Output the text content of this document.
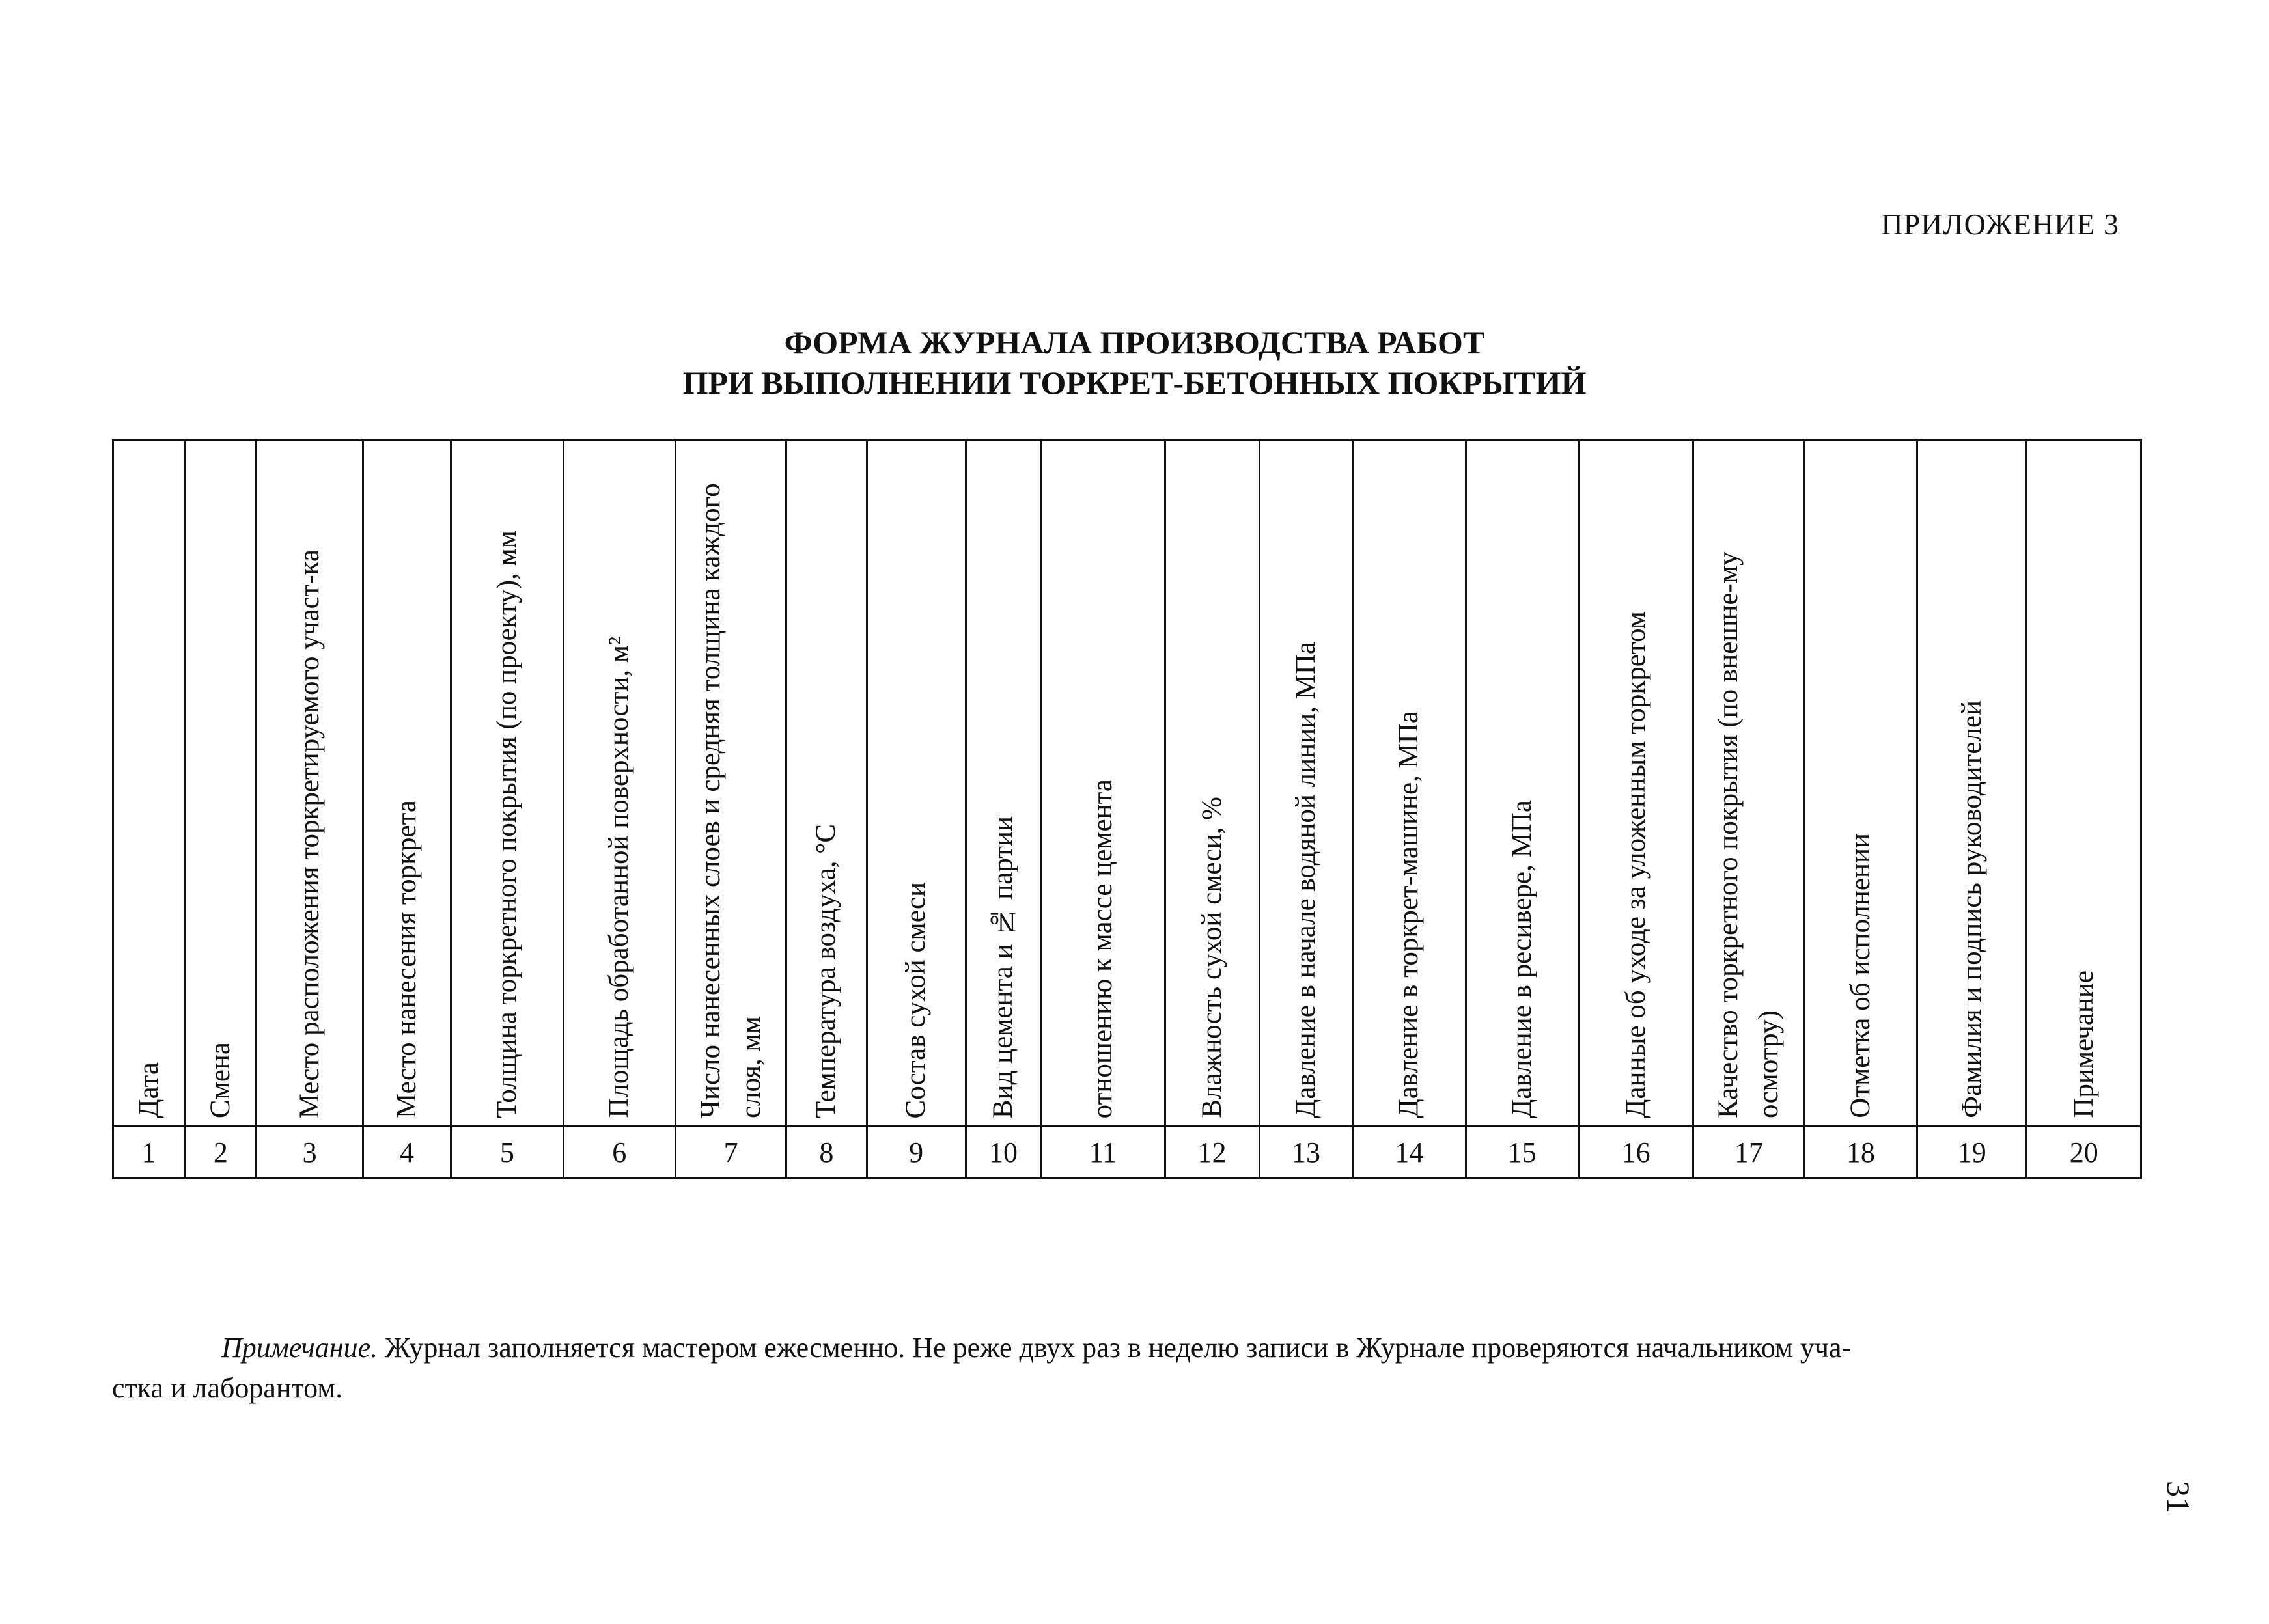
ПРИЛОЖЕНИЕ 3
ФОРМА ЖУРНАЛА ПРОИЗВОДСТВА РАБОТ
ПРИ ВЫПОЛНЕНИИ ТОРКРЕТ-БЕТОННЫХ ПОКРЫТИЙ
Дата	Смена	Место расположения торкретируемого участ-ка	Место нанесения торкрета	Толщина торкретного покрытия (по проекту), мм	Площадь обработанной поверхности, м²	Число нанесенных слоев и средняя толщина каждого слоя, мм	Температура воздуха, °С	Состав сухой смеси	Вид цемента и № партии	отношению к массе цемента	Влажность сухой смеси, %	Давление в начале водяной линии, МПа	Давление в торкрет-машине, МПа	Давление в ресивере, МПа	Данные об уходе за уложенным торкретом	Качество торкретного покрытия (по внешне-му осмотру)	Отметка об исполнении	Фамилия и подпись руководителей	Примечание

1	2	3	4	5	6	7	8	9	10	11	12	13	14	15	16	17	18	19	20
Примечание. Журнал заполняется мастером ежесменно. Не реже двух раз в неделю записи в Журнале проверяются начальником уча-
стка и лаборантом.
31
